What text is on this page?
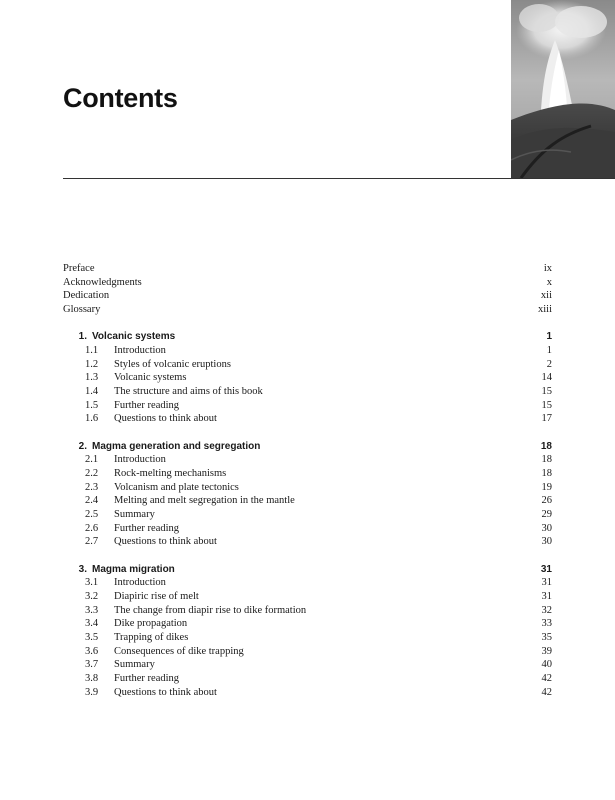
Contents
Preface	ix
Acknowledgments	x
Dedication	xii
Glossary	xiii
1. Volcanic systems	1
1.1 Introduction	1
1.2 Styles of volcanic eruptions	2
1.3 Volcanic systems	14
1.4 The structure and aims of this book	15
1.5 Further reading	15
1.6 Questions to think about	17
2. Magma generation and segregation	18
2.1 Introduction	18
2.2 Rock-melting mechanisms	18
2.3 Volcanism and plate tectonics	19
2.4 Melting and melt segregation in the mantle	26
2.5 Summary	29
2.6 Further reading	30
2.7 Questions to think about	30
3. Magma migration	31
3.1 Introduction	31
3.2 Diapiric rise of melt	31
3.3 The change from diapir rise to dike formation	32
3.4 Dike propagation	33
3.5 Trapping of dikes	35
3.6 Consequences of dike trapping	39
3.7 Summary	40
3.8 Further reading	42
3.9 Questions to think about	42
